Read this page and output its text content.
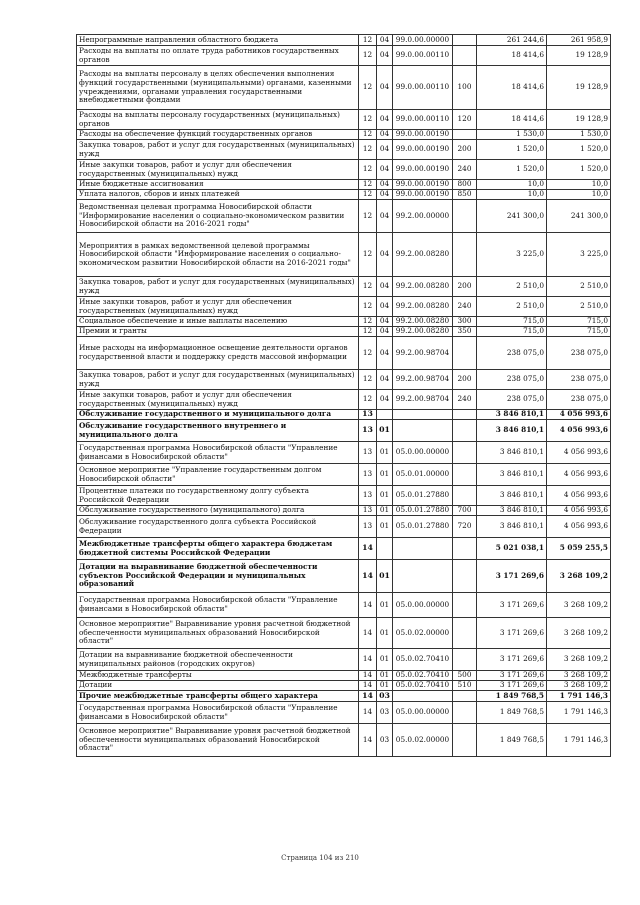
Непрограммные направления областного бюджета	12	04	99.0.00.00000		261 244,6	261 958,9
Расходы на выплаты по оплате труда работников государственных органов	12	04	99.0.00.00110		18 414,6	19 128,9
Расходы на выплаты персоналу в целях обеспечения выполнения функций государственными (муниципальными) органами, казенными учреждениями, органами управления государственными внебюджетными фондами	12	04	99.0.00.00110	100	18 414,6	19 128,9
Расходы на выплаты персоналу государственных (муниципальных) органов	12	04	99.0.00.00110	120	18 414,6	19 128,9
Расходы на обеспечение функций государственных органов	12	04	99.0.00.00190		1 530,0	1 530,0
Закупка товаров, работ и услуг для государственных (муниципальных) нужд	12	04	99.0.00.00190	200	1 520,0	1 520,0
Иные закупки товаров, работ и услуг для обеспечения государственных (муниципальных) нужд	12	04	99.0.00.00190	240	1 520,0	1 520,0
Иные бюджетные ассигнования	12	04	99.0.00.00190	800	10,0	10,0
Уплата налогов, сборов и иных платежей	12	04	99.0.00.00190	850	10,0	10,0
Ведомственная целевая программа Новосибирской области "Информирование населения о социально-экономическом развитии Новосибирской области на 2016-2021 годы"	12	04	99.2.00.00000		241 300,0	241 300,0
Мероприятия в рамках ведомственной целевой программы Новосибирской области "Информирование населения о социально-экономическом развитии Новосибирской области на 2016-2021 годы"	12	04	99.2.00.08280		3 225,0	3 225,0
Закупка товаров, работ и услуг для государственных (муниципальных) нужд	12	04	99.2.00.08280	200	2 510,0	2 510,0
Иные закупки товаров, работ и услуг для обеспечения государственных (муниципальных) нужд	12	04	99.2.00.08280	240	2 510,0	2 510,0
Социальное обеспечение и иные выплаты населению	12	04	99.2.00.08280	300	715,0	715,0
Премии и гранты	12	04	99.2.00.08280	350	715,0	715,0
Иные расходы на информационное освещение деятельности органов государственной власти и поддержку средств массовой информации	12	04	99.2.00.98704		238 075,0	238 075,0
Закупка товаров, работ и услуг для государственных (муниципальных) нужд	12	04	99.2.00.98704	200	238 075,0	238 075,0
Иные закупки товаров, работ и услуг для обеспечения государственных (муниципальных) нужд	12	04	99.2.00.98704	240	238 075,0	238 075,0
Обслуживание государственного и муниципального долга	13				3 846 810,1	4 056 993,6
Обслуживание государственного внутреннего и муниципального долга	13	01			3 846 810,1	4 056 993,6
Государственная программа Новосибирской области "Управление финансами в Новосибирской области"	13	01	05.0.00.00000		3 846 810,1	4 056 993,6
Основное мероприятие "Управление государственным долгом Новосибирской области"	13	01	05.0.01.00000		3 846 810,1	4 056 993,6
Процентные платежи по государственному долгу субъекта Российской Федерации	13	01	05.0.01.27880		3 846 810,1	4 056 993,6
Обслуживание государственного (муниципального) долга	13	01	05.0.01.27880	700	3 846 810,1	4 056 993,6
Обслуживание государственного долга субъекта Российской Федерации	13	01	05.0.01.27880	720	3 846 810,1	4 056 993,6
Межбюджетные трансферты общего характера бюджетам бюджетной системы Российской Федерации	14				5 021 038,1	5 059 255,5
Дотации на выравнивание бюджетной обеспеченности субъектов Российской Федерации и муниципальных образований	14	01			3 171 269,6	3 268 109,2
Государственная программа Новосибирской области "Управление финансами в Новосибирской области"	14	01	05.0.00.00000		3 171 269,6	3 268 109,2
Основное мероприятие" Выравнивание уровня расчетной бюджетной обеспеченности муниципальных образований Новосибирской области"	14	01	05.0.02.00000		3 171 269,6	3 268 109,2
Дотации на выравнивание бюджетной обеспеченности муниципальных районов (городских округов)	14	01	05.0.02.70410		3 171 269,6	3 268 109,2
Межбюджетные трансферты	14	01	05.0.02.70410	500	3 171 269,6	3 268 109,2
Дотации	14	01	05.0.02.70410	510	3 171 269,6	3 268 109,2
Прочие межбюджетные трансферты общего характера	14	03			1 849 768,5	1 791 146,3
Государственная программа Новосибирской области "Управление финансами в Новосибирской области"	14	03	05.0.00.00000		1 849 768,5	1 791 146,3
Основное мероприятие" Выравнивание уровня расчетной бюджетной обеспеченности муниципальных образований Новосибирской области"	14	03	05.0.02.00000		1 849 768,5	1 791 146,3
Страница 104 из 210
